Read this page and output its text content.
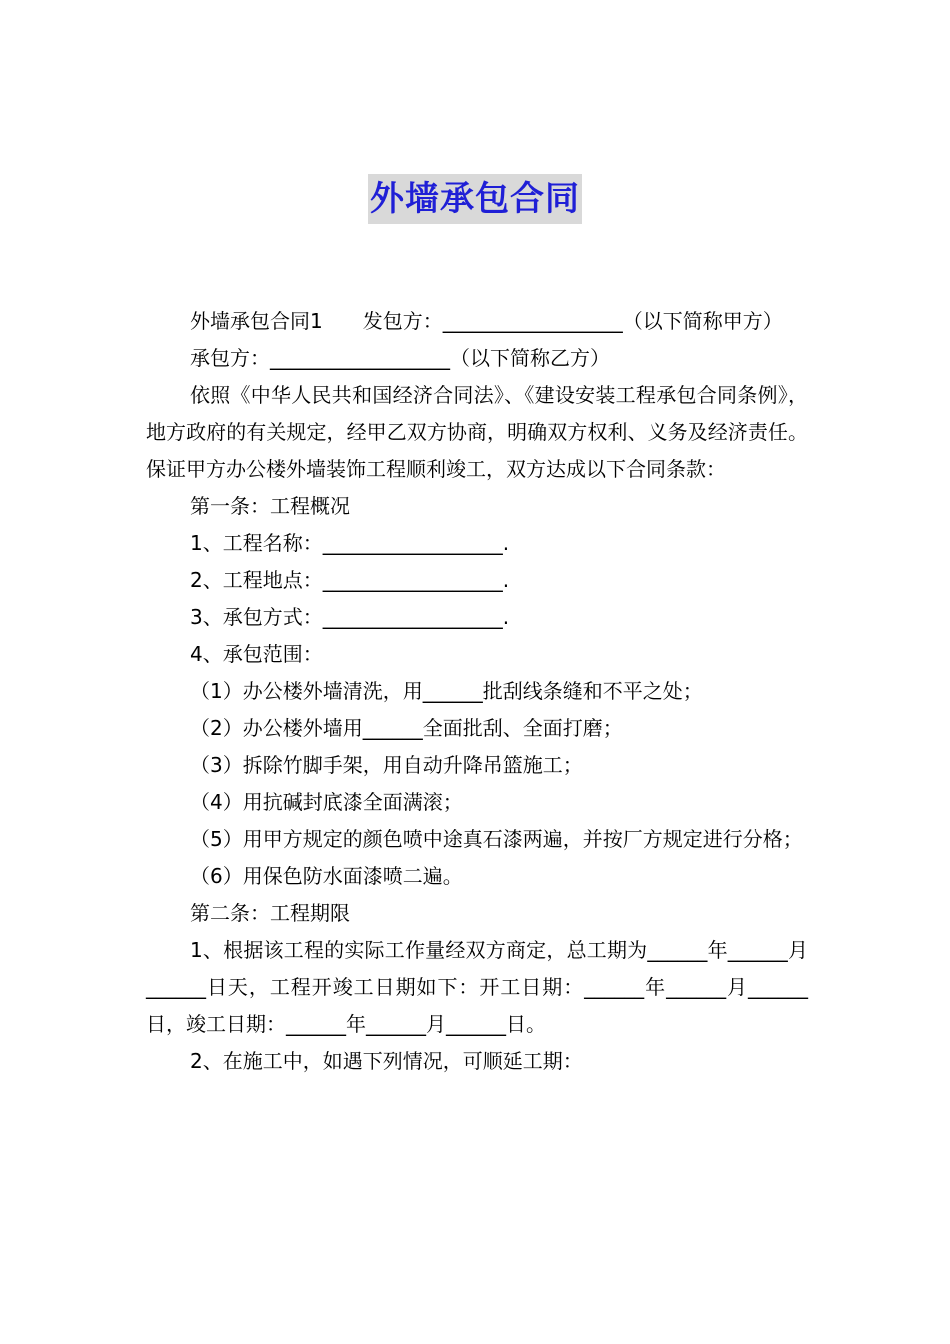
外墙承包合同

外墙承包合同1　　发包方：__________________（以下简称甲方）

承包方：__________________（以下简称乙方）

依照《中华人民共和国经济合同法》、《建设安装工程承包合同条例》，地方政府的有关规定，经甲乙双方协商，明确双方权利、义务及经济责任。保证甲方办公楼外墙装饰工程顺利竣工，双方达成以下合同条款：

第一条：工程概况

1、工程名称：__________________.

2、工程地点：__________________.

3、承包方式：__________________.

4、承包范围：

（1）办公楼外墙清洗，用______批刮线条缝和不平之处；

（2）办公楼外墙用______全面批刮、全面打磨；

（3）拆除竹脚手架，用自动升降吊篮施工；

（4）用抗碱封底漆全面满滚；

（5）用甲方规定的颜色喷中途真石漆两遍，并按厂方规定进行分格；

（6）用保色防水面漆喷二遍。

第二条：工程期限

1、根据该工程的实际工作量经双方商定，总工期为______年______月______日天，工程开竣工日期如下：开工日期：______年______月______日，竣工日期：______年______月______日。

2、在施工中，如遇下列情况，可顺延工期：
